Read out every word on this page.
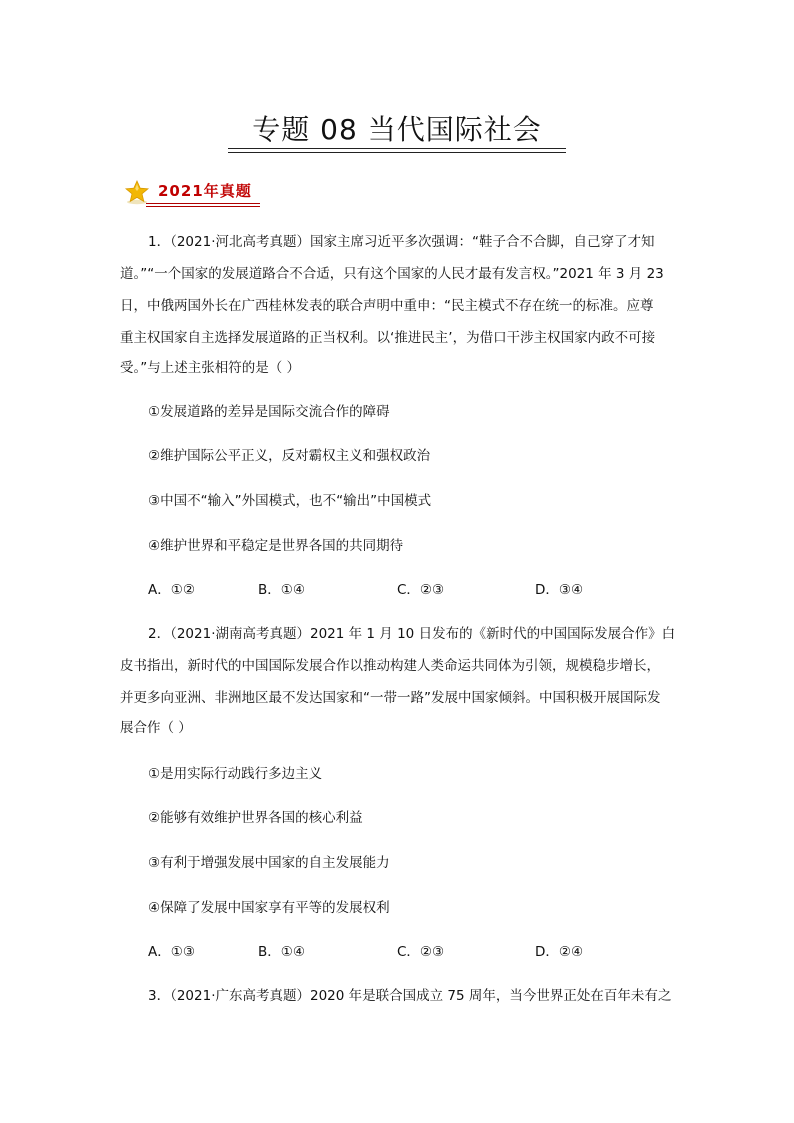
专题 08 当代国际社会
2021年真题
1．（2021·河北高考真题）国家主席习近平多次强调：“鞋子合不合脚，自己穿了才知
道。”“一个国家的发展道路合不合适，只有这个国家的人民才最有发言权。”2021 年 3 月 23
日，中俄两国外长在广西桂林发表的联合声明中重申：“民主模式不存在统一的标准。应尊
重主权国家自主选择发展道路的正当权利。以‘推进民主’，为借口干涉主权国家内政不可接
受。”与上述主张相符的是（ ）
①发展道路的差异是国际交流合作的障碍
②维护国际公平正义，反对霸权主义和强权政治
③中国不“输入”外国模式，也不“输出”中国模式
④维护世界和平稳定是世界各国的共同期待
A．①②	B．①④	C．②③	D．③④
2．（2021·湖南高考真题）2021 年 1 月 10 日发布的《新时代的中国国际发展合作》白
皮书指出，新时代的中国国际发展合作以推动构建人类命运共同体为引领，规模稳步增长，
并更多向亚洲、非洲地区最不发达国家和“一带一路”发展中国家倾斜。中国积极开展国际发
展合作（ ）
①是用实际行动践行多边主义
②能够有效维护世界各国的核心利益
③有利于增强发展中国家的自主发展能力
④保障了发展中国家享有平等的发展权利
A．①③	B．①④	C．②③	D．②④
3．（2021·广东高考真题）2020 年是联合国成立 75 周年，当今世界正处在百年未有之
